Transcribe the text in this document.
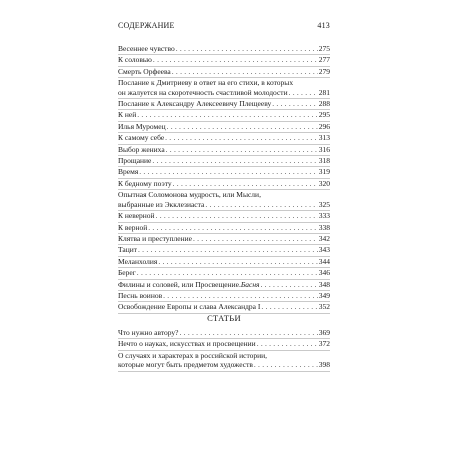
СОДЕРЖАНИЕ	413
Весеннее чувство . . .	275
К соловью . . .	277
Смерть Орфеева . . .	279
Послание к Дмитриеву в ответ на его стихи, в которых
он жалуется на скоротечность счастливой молодости . . .	281
Послание к Александру Алексеевичу Плещееву . . .	288
К ней . . .	295
Илья Муромец . . .	296
К самому себе . . .	313
Выбор жениха . . .	316
Прощание . . .	318
Время . . .	319
К бедному поэту . . .	320
Опытная Соломонова мудрость, или Мысли,
выбранные из Экклезиаста . . .	325
К неверной . . .	333
К верной . . .	338
Клятва и преступление . . .	342
Тацит . . .	343
Меланхолия . . .	344
Берег . . .	346
Филины и соловей, или Просвещение. Басня . . .	348
Песнь воинов . . .	349
Освобождение Европы и слава Александра I . . .	352
СТАТЬИ
Что нужно автору? . . .	369
Нечто о науках, искусствах и просвещении . . .	372
О случаях и характерах в российской истории,
которые могут быть предметом художеств . . .	398
